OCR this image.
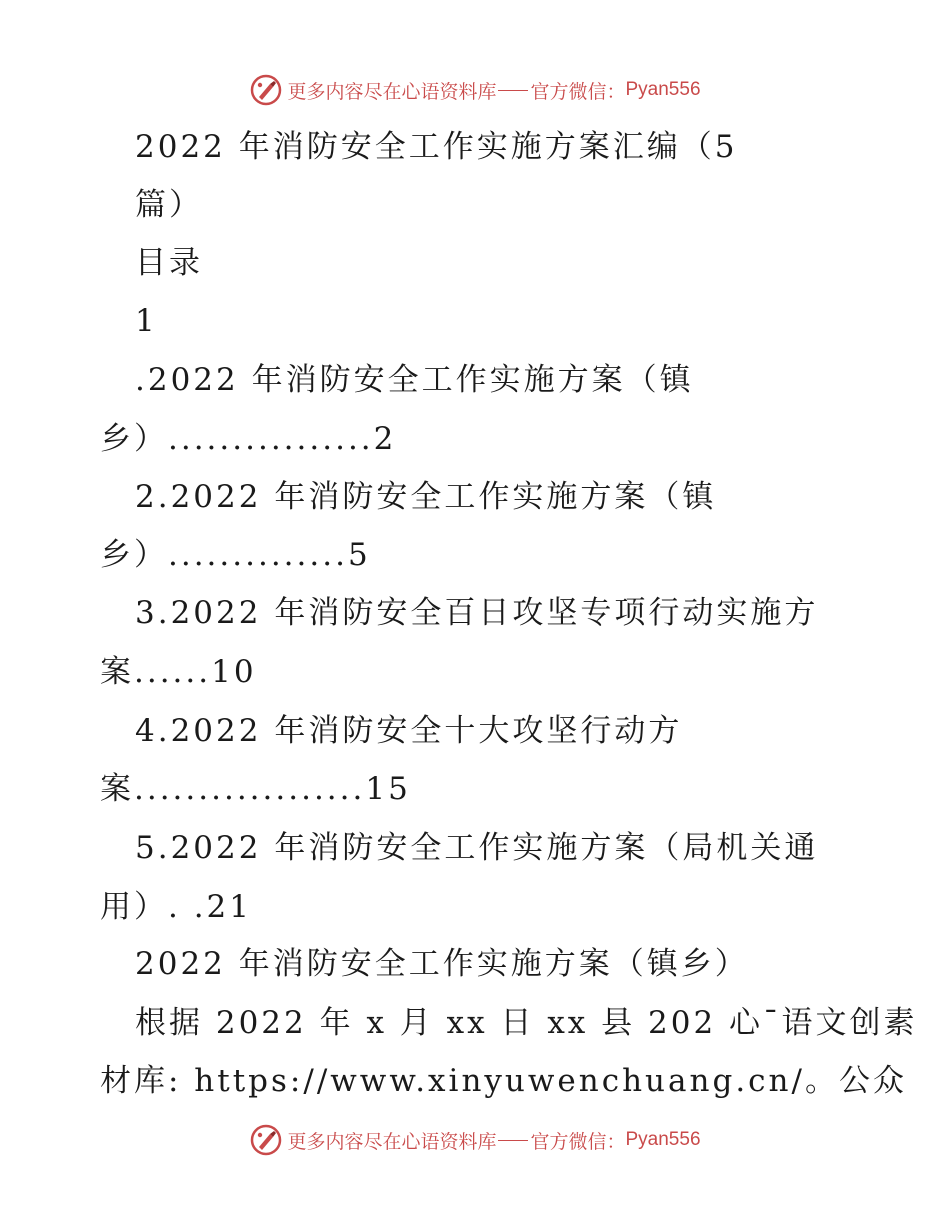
更多内容尽在心语资料库 官方微信： Pyan556
2022 年消防安全工作实施方案汇编（5
篇）
目录
1
.2022 年消防安全工作实施方案（镇
乡）................2
2.2022 年消防安全工作实施方案（镇
乡）..............5
3.2022 年消防安全百日攻坚专项行动实施方
案......10
4.2022 年消防安全十大攻坚行动方
案..................15
5.2022 年消防安全工作实施方案（局机关通
用）. .21
2022 年消防安全工作实施方案（镇乡）
根据 2022 年 x 月 xx 日 xx 县 202 心¯语文创素
材库: https://www.xinyuwenchuang.cn/。公众
更多内容尽在心语资料库 官方微信： Pyan556
